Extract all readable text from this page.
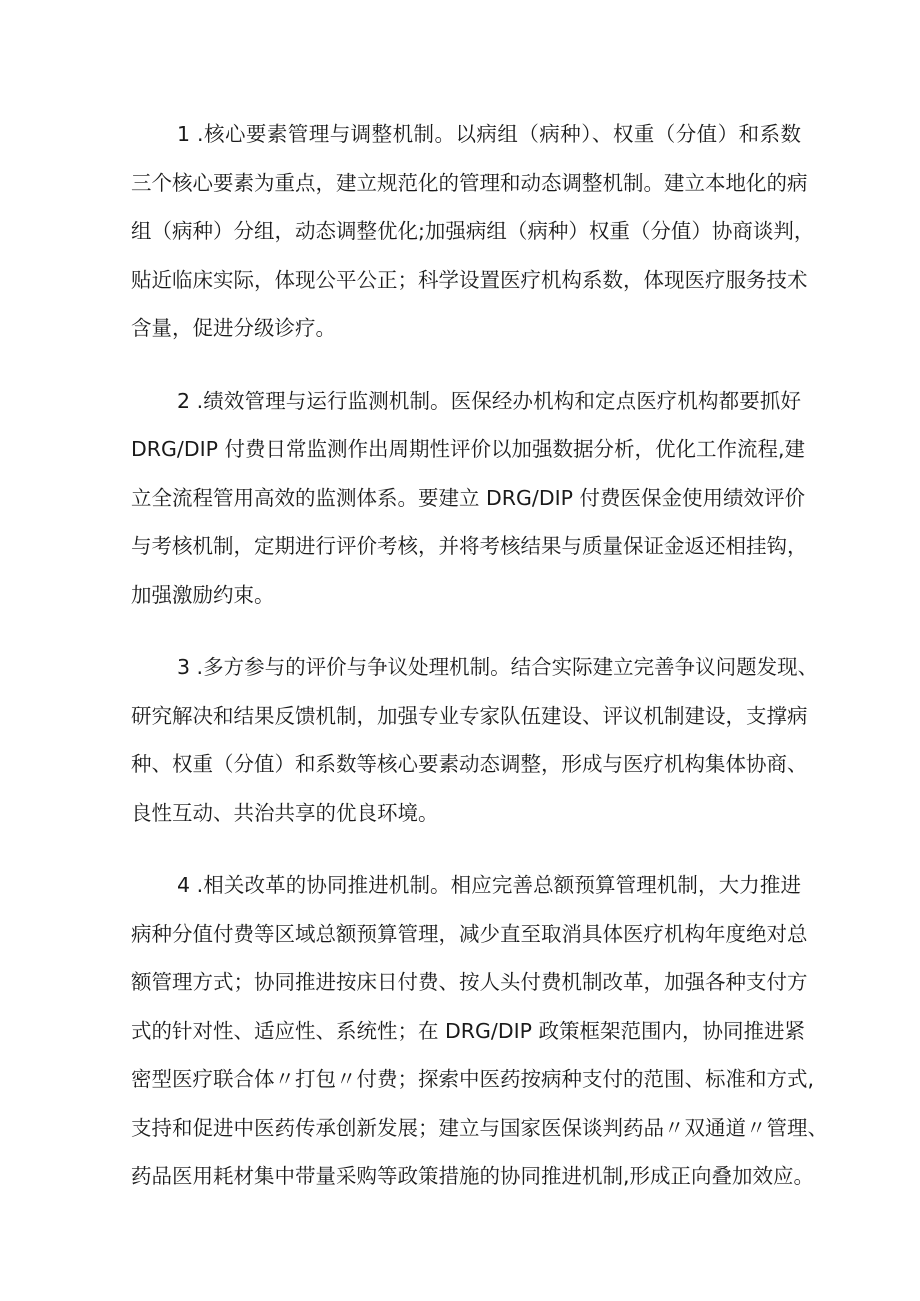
1 .核心要素管理与调整机制。以病组（病种）、权重（分值）和系数
三个核心要素为重点，建立规范化的管理和动态调整机制。建立本地化的病
组（病种）分组，动态调整优化;加强病组（病种）权重（分值）协商谈判，
贴近临床实际，体现公平公正；科学设置医疗机构系数，体现医疗服务技术
含量，促进分级诊疗。
2 .绩效管理与运行监测机制。医保经办机构和定点医疗机构都要抓好
DRG/DIP 付费日常监测作出周期性评价以加强数据分析，优化工作流程,建
立全流程管用高效的监测体系。要建立 DRG/DIP 付费医保金使用绩效评价
与考核机制，定期进行评价考核，并将考核结果与质量保证金返还相挂钩，
加强激励约束。
3 .多方参与的评价与争议处理机制。结合实际建立完善争议问题发现、
研究解决和结果反馈机制，加强专业专家队伍建设、评议机制建设，支撑病
种、权重（分值）和系数等核心要素动态调整，形成与医疗机构集体协商、
良性互动、共治共享的优良环境。
4 .相关改革的协同推进机制。相应完善总额预算管理机制，大力推进
病种分值付费等区域总额预算管理，减少直至取消具体医疗机构年度绝对总
额管理方式；协同推进按床日付费、按人头付费机制改革，加强各种支付方
式的针对性、适应性、系统性；在 DRG/DIP 政策框架范围内，协同推进紧
密型医疗联合体〃打包〃付费；探索中医药按病种支付的范围、标准和方式,
支持和促进中医药传承创新发展；建立与国家医保谈判药品〃双通道〃管理、
药品医用耗材集中带量采购等政策措施的协同推进机制,形成正向叠加效应。
